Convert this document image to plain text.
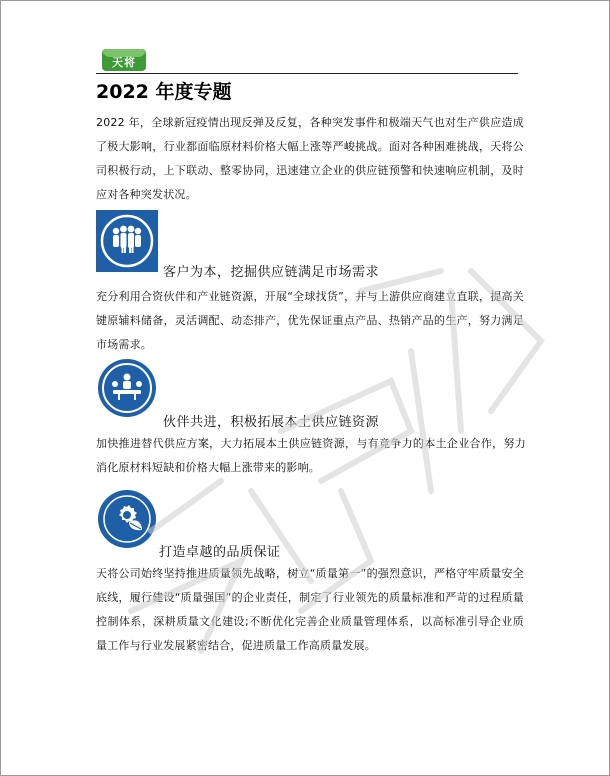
天将
2022 年度专题

2022 年，全球新冠疫情出现反弹及反复，各种突发事件和极端天气也对生产供应造成了极大影响，行业都面临原材料价格大幅上涨等严峻挑战。面对各种困难挑战，天将公司积极行动，上下联动、整零协同，迅速建立企业的供应链预警和快速响应机制，及时应对各种突发状况。

客户为本，挖掘供应链满足市场需求

充分利用合资伙伴和产业链资源，开展“全球找货”，并与上游供应商建立直联，提高关键原辅料储备，灵活调配、动态排产，优先保证重点产品、热销产品的生产，努力满足市场需求。

伙伴共进，积极拓展本土供应链资源

加快推进替代供应方案，大力拓展本土供应链资源，与有竞争力的本土企业合作，努力消化原材料短缺和价格大幅上涨带来的影响。

打造卓越的品质保证

天将公司始终坚持推进质量领先战略，树立“质量第一”的强烈意识，严格守牢质量安全底线，履行建设“质量强国”的企业责任，制定了行业领先的质量标准和严苛的过程质量控制体系，深耕质量文化建设;不断优化完善企业质量管理体系，以高标准引导企业质量工作与行业发展紧密结合，促进质量工作高质量发展。
